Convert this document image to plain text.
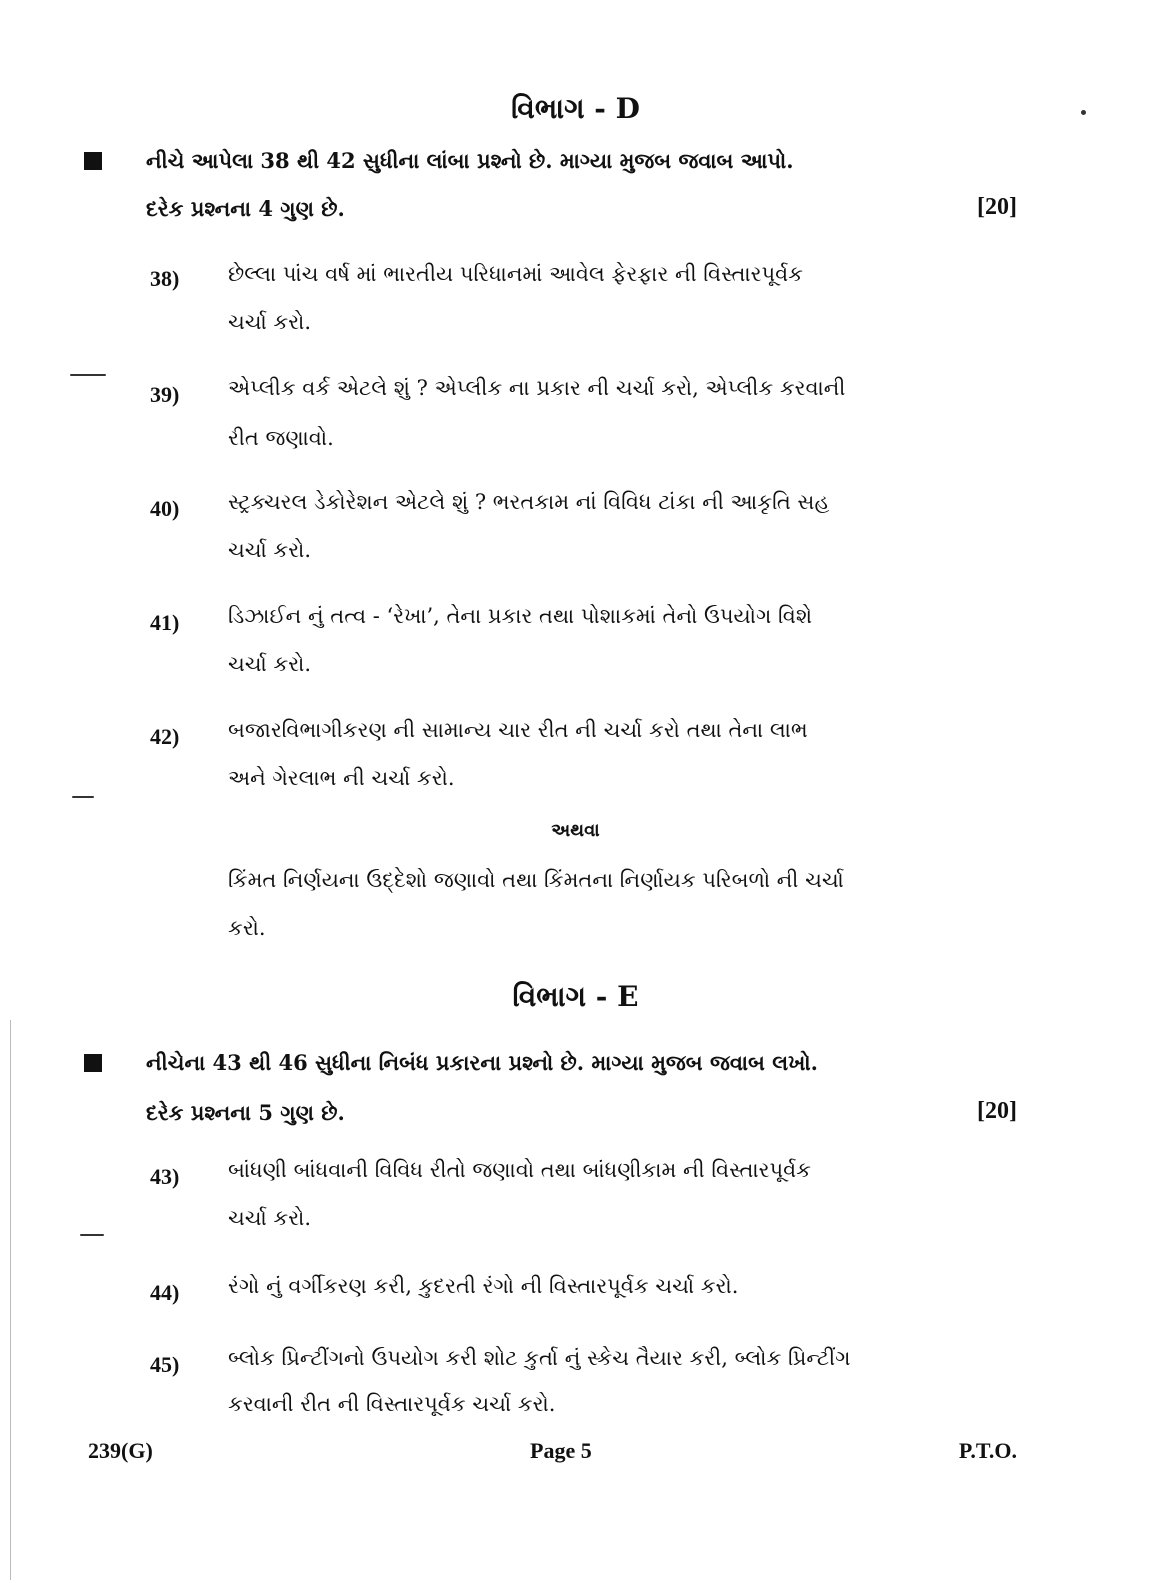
વિભાગ - D
નીચે આપેલા 38 થી 42 સુધીના લાંબા પ્રશ્નો છે. માગ્યા મુજબ જવાબ આપો.
દરેક પ્રશ્નના 4 ગુણ છે.	[20]
38) છેલ્લા પાંચ વર્ષ માં ભારતીય પરિધાનમાં આવેલ ફેરફાર ની વિસ્તારપૂર્વક
ચર્ચા કરો.
39) એપ્લીક વર્ક એટલે શું ? એપ્લીક ના પ્રકાર ની ચર્ચા કરો, એપ્લીક કરવાની
રીત જણાવો.
40) સ્ટ્રક્ચરલ ડેકોરેશન એટલે શું ? ભરતકામ નાં વિવિધ ટાંકા ની આકૃતિ સહ
ચર્ચા કરો.
41) ડિઝાઈન નું તત્વ - ‘રેખા’, તેના પ્રકાર તથા પોશાકમાં તેનો ઉપયોગ વિશે
ચર્ચા કરો.
42) બજારવિભાગીકરણ ની સામાન્ય ચાર રીત ની ચર્ચા કરો તથા તેના લાભ
અને ગેરલાભ ની ચર્ચા કરો.
અથવા
કિંમત નિર્ણયના ઉદ્દેશો જણાવો તથા કિંમતના નિર્ણાયક પરિબળો ની ચર્ચા
કરો.
વિભાગ - E
નીચેના 43 થી 46 સુધીના નિબંધ પ્રકારના પ્રશ્નો છે. માગ્યા મુજબ જવાબ લખો.
દરેક પ્રશ્નના 5 ગુણ છે.	[20]
43) બાંધણી બાંધવાની વિવિધ રીતો જણાવો તથા બાંધણીકામ ની વિસ્તારપૂર્વક
ચર્ચા કરો.
44) રંગો નું વર્ગીકરણ કરી, કુદરતી રંગો ની વિસ્તારપૂર્વક ચર્ચા કરો.
45) બ્લોક પ્રિન્ટીંગનો ઉપયોગ કરી શોટ કુર્તા નું સ્કેચ તૈયાર કરી, બ્લોક પ્રિન્ટીંગ
કરવાની રીત ની વિસ્તારપૂર્વક ચર્ચા કરો.
239(G)	Page 5	P.T.O.
